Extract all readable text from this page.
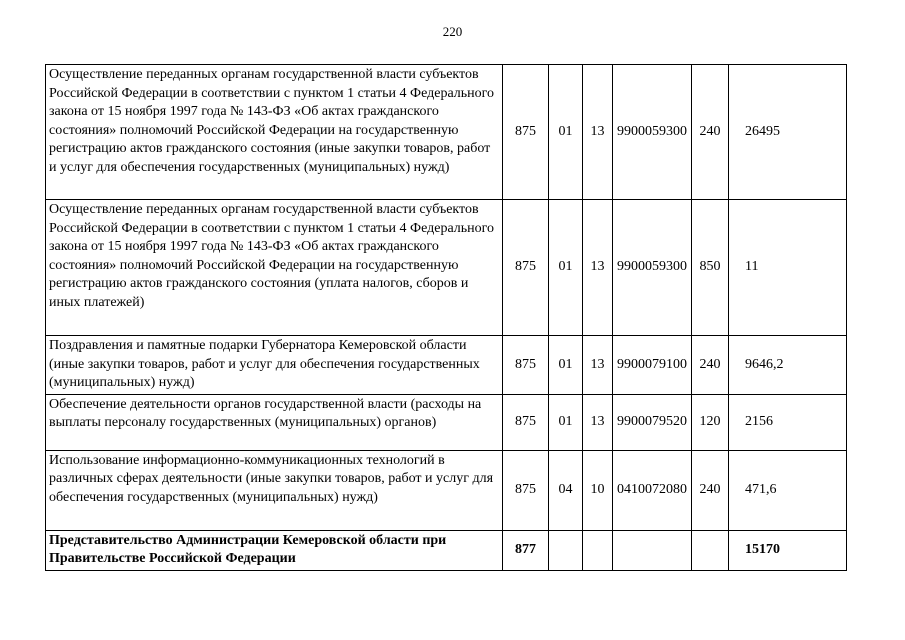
220
Осуществление переданных органам государственной власти субъектов Российской Федерации в соответствии с пунктом 1 статьи 4 Федерального закона от 15 ноября 1997 года № 143-ФЗ «Об актах гражданского состояния» полномочий Российской Федерации на государственную регистрацию актов гражданского состояния (иные закупки товаров, работ и услуг для обеспечения государственных (муниципальных) нужд)	875	01	13	9900059300	240	26495
Осуществление переданных органам государственной власти субъектов Российской Федерации в соответствии с пунктом 1 статьи 4 Федерального закона от 15 ноября 1997 года № 143-ФЗ «Об актах гражданского состояния» полномочий Российской Федерации на государственную регистрацию актов гражданского состояния (уплата налогов, сборов и иных платежей)	875	01	13	9900059300	850	11
Поздравления и памятные подарки Губернатора Кемеровской области (иные закупки товаров, работ и услуг для обеспечения государственных (муниципальных) нужд)	875	01	13	9900079100	240	9646,2
Обеспечение деятельности органов государственной власти (расходы на выплаты персоналу государственных (муниципальных) органов)	875	01	13	9900079520	120	2156
Использование информационно-коммуникационных технологий в различных сферах деятельности (иные закупки товаров, работ и услуг для обеспечения государственных (муниципальных) нужд)	875	04	10	0410072080	240	471,6
Представительство Администрации Кемеровской области при Правительстве Российской Федерации	877					15170
